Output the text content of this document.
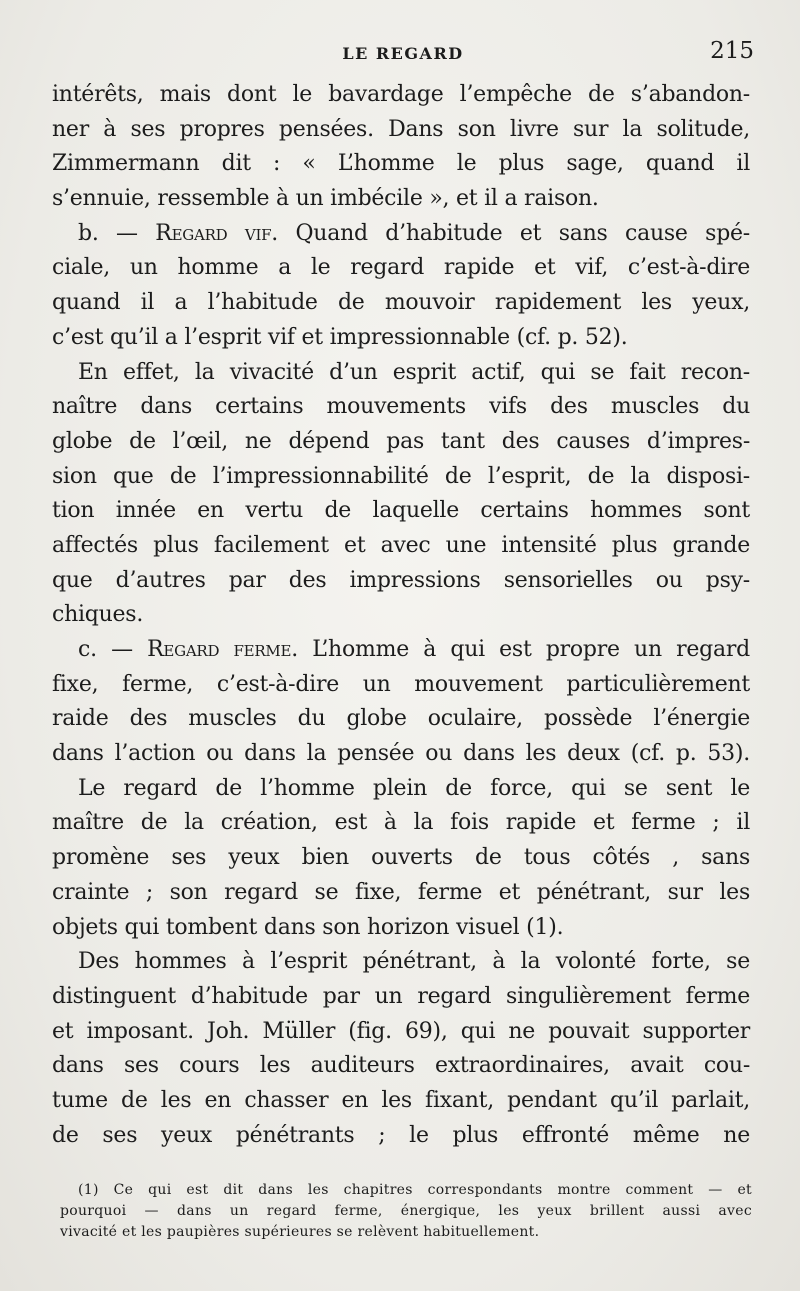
LE REGARD	215
intérêts, mais dont le bavardage l’empêche de s’abandon-
ner à ses propres pensées. Dans son livre sur la solitude,
Zimmermann dit : « L’homme le plus sage, quand il
s’ennuie, ressemble à un imbécile », et il a raison.
b. — Regard vif. Quand d’habitude et sans cause spé-
ciale, un homme a le regard rapide et vif, c’est-à-dire
quand il a l’habitude de mouvoir rapidement les yeux,
c’est qu’il a l’esprit vif et impressionnable (cf. p. 52).
En effet, la vivacité d’un esprit actif, qui se fait recon-
naître dans certains mouvements vifs des muscles du
globe de l’œil, ne dépend pas tant des causes d’impres-
sion que de l’impressionnabilité de l’esprit, de la disposi-
tion innée en vertu de laquelle certains hommes sont
affectés plus facilement et avec une intensité plus grande
que d’autres par des impressions sensorielles ou psy-
chiques.
c. — Regard ferme. L’homme à qui est propre un regard
fixe, ferme, c’est-à-dire un mouvement particulièrement
raide des muscles du globe oculaire, possède l’énergie
dans l’action ou dans la pensée ou dans les deux (cf. p. 53).
Le regard de l’homme plein de force, qui se sent le
maître de la création, est à la fois rapide et ferme ; il
promène ses yeux bien ouverts de tous côtés , sans
crainte ; son regard se fixe, ferme et pénétrant, sur les
objets qui tombent dans son horizon visuel (1).
Des hommes à l’esprit pénétrant, à la volonté forte, se
distinguent d’habitude par un regard singulièrement ferme
et imposant. Joh. Müller (fig. 69), qui ne pouvait supporter
dans ses cours les auditeurs extraordinaires, avait cou-
tume de les en chasser en les fixant, pendant qu’il parlait,
de ses yeux pénétrants ; le plus effronté même ne
(1) Ce qui est dit dans les chapitres correspondants montre comment — et
pourquoi — dans un regard ferme, énergique, les yeux brillent aussi avec
vivacité et les paupières supérieures se relèvent habituellement.
